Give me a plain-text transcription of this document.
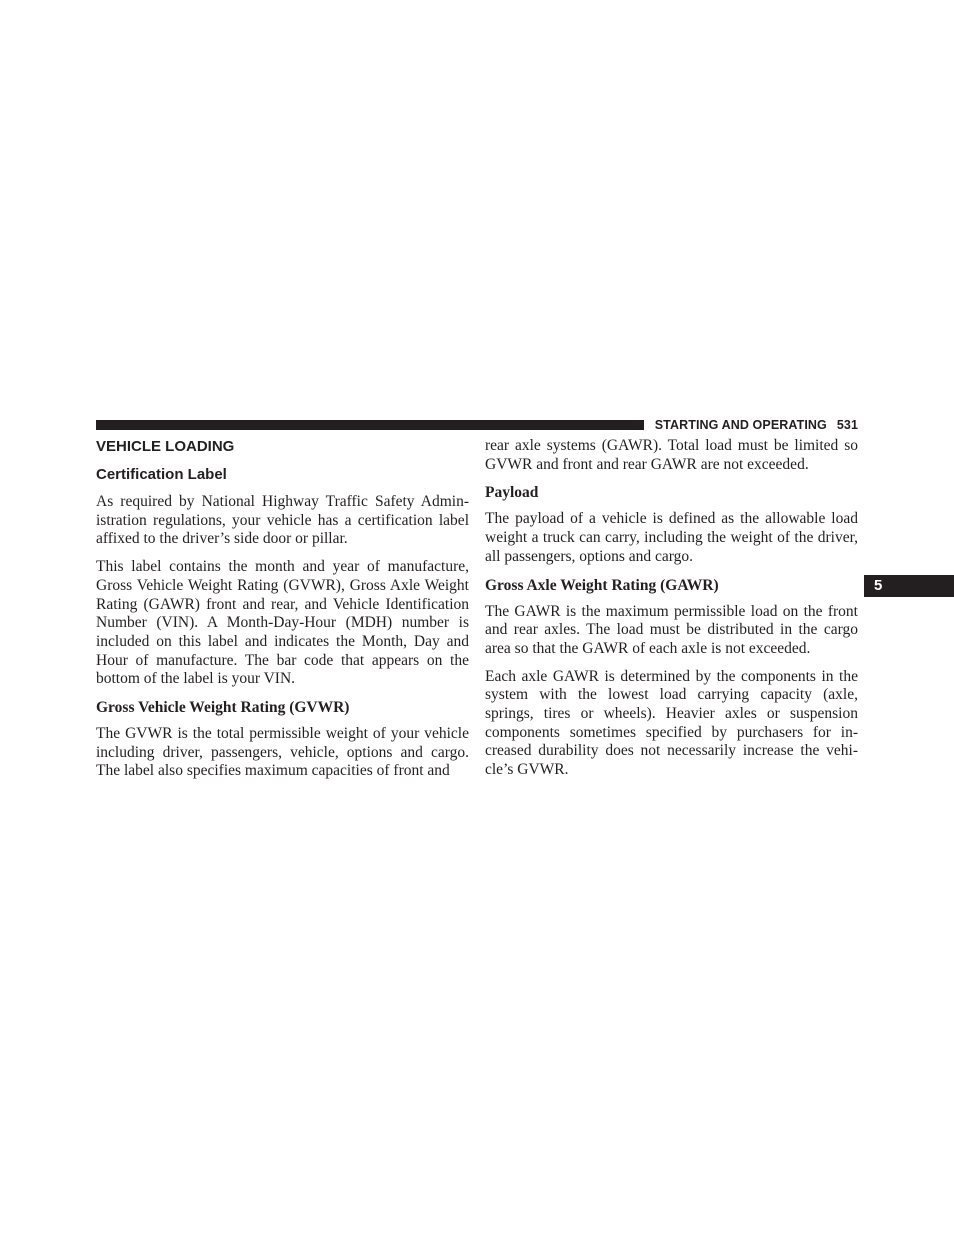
STARTING AND OPERATING 531
5
VEHICLE LOADING
Certification Label

As required by National Highway Traffic Safety Administration regulations, your vehicle has a certification label affixed to the driver’s side door or pillar.

This label contains the month and year of manufacture, Gross Vehicle Weight Rating (GVWR), Gross Axle Weight Rating (GAWR) front and rear, and Vehicle Identification Number (VIN). A Month-Day-Hour (MDH) number is included on this label and indicates the Month, Day and Hour of manufacture. The bar code that appears on the bottom of the label is your VIN.

Gross Vehicle Weight Rating (GVWR)

The GVWR is the total permissible weight of your vehicle including driver, passengers, vehicle, options and cargo. The label also specifies maximum capacities of front and

rear axle systems (GAWR). Total load must be limited so GVWR and front and rear GAWR are not exceeded.

Payload

The payload of a vehicle is defined as the allowable load weight a truck can carry, including the weight of the driver, all passengers, options and cargo.

Gross Axle Weight Rating (GAWR)

The GAWR is the maximum permissible load on the front and rear axles. The load must be distributed in the cargo area so that the GAWR of each axle is not exceeded.

Each axle GAWR is determined by the components in the system with the lowest load carrying capacity (axle, springs, tires or wheels). Heavier axles or suspension components sometimes specified by purchasers for increased durability does not necessarily increase the vehicle’s GVWR.
